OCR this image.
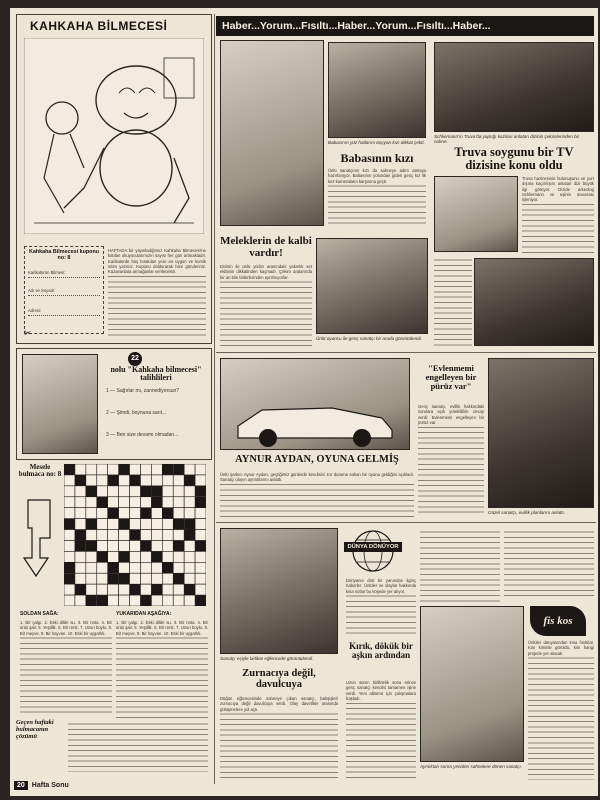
KAHKAHA BİLMECESİ
Kahkaha Bilmecesi kuponu no: 8
Karikatürün Bilmesi:
Adı ve Soyadı:
Adresi:
✂
HAFTADA bir yayınladığımız Kahkaha Bilmecesi'ne katılan okuyucularımızın sayısı her gün artmaktadır. Karikatürde boş bırakılan yere en uygun ve komik sözü yazınız. Kuponu doldurarak bize gönderiniz. Kazananlara armağanlar verilecektir.
22
nolu "Kahkaha bilmecesi" talihlileri
1 — Sağırlar mı, zannediyorsun?
2 — Şimdi, boynuna sarıl...
3 — Ben size devamı olmadan...
Mesele bulmaca no: 8
SOLDAN SAĞA:
1. Bir çalgı. 2. Eski dilde su. 3. Bir nota. 4. Bir ünlü şair. 5. Yeşillik. 6. Bir renk. 7. Uzun boylu. 8. Bir meyve. 9. Bir hayvan. 10. Eski bir uygarlık.
YUKARIDAN AŞAĞIYA:
1. Bir çalgı. 2. Eski dilde su. 3. Bir nota. 4. Bir ünlü şair. 5. Yeşillik. 6. Bir renk. 7. Uzun boylu. 8. Bir meyve. 9. Bir hayvan. 10. Eski bir uygarlık.
Geçen haftaki bulmacanın çözümü
20	Hafta Sonu
Haber...Yorum...Fısıltı...Haber...Yorum...Fısıltı...Haber...
Babasının yüz hatlarını taşıyan kızı dikkat çekti.
Babasının kızı
Ünlü sanatçının kızı da sahneye adım atmaya hazırlanıyor. Babasının yolundan giden genç kız ilk kez kameraların karşısına geçti.
Schliemann'ın Truva'da yaptığı kazıları anlatan dizinin çekimlerinden bir sahne.
Truva soygunu bir TV dizisine konu oldu
Truva hazinesinin bulunuşunu ve yurt dışına kaçırılışını anlatan dizi büyük ilgi görüyor. Dizide arkeolog Schliemann ve eşinin macerası işleniyor.
Meleklerin de kalbi vardır!
Dizinin iki ünlü yıldızı arasındaki yakınlık set ekibinin dikkatinden kaçmadı. Çekim aralarında bir an bile birbirlerinden ayrılmıyorlar.
Ünlü oyuncu ile genç sanatçı bir arada görüntülendi.
AYNUR AYDAN, OYUNA GELMİŞ
Ünlü şarkıcı Aynur Aydan, geçtiğimiz günlerde kendisini zor duruma sokan bir oyuna geldiğini açıkladı. Sanatçı olayın ayrıntılarını anlattı.
"Evlenmemi engelleyen bir pürüz var"
Genç sanatçı, evlilik hakkındaki sorulara açık yüreklilikle cevap verdi: Evlenmemi engelleyen bir pürüz var.
Güzel sanatçı, evlilik planlarını anlattı.
Sanatçı eşiyle birlikte eğlencede görüntülendi.
Zurnacıya değil, davulcuya
Düğün eğlencesinde sahneye çıkan sanatçı, bahşişleri zurnacıya değil davulcuya verdi. Olay davetliler arasında gülüşmelere yol açtı.
DÜNYA DÖNÜYOR
Dünyanın dört bir yanından ilginç haberler. Ünlüler ve olaylar hakkında kısa notlar bu köşede yer alıyor.
Kırık, dökük bir aşkın ardından
Uzun süren birliktelik sona erince genç sanatçı kendini tamamen işine verdi. Yeni albümü için çalışmalara başladı.
Ayrılıktan sonra yeniden sahnelere dönen sanatçı.
fis kos
Ünlüler dünyasından kısa fısıltılar. Kim kiminle görüldü, kim hangi projede yer alacak.
